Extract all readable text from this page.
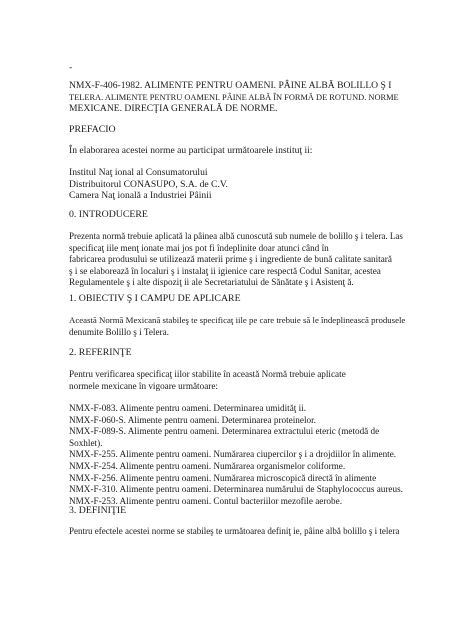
-
NMX-F-406-1982. ALIMENTE PENTRU OAMENI. PÂINE ALBĂ BOLILLO Ş I
TELERA. ALIMENTE PENTRU OAMENI. PÂINE ALBĂ ÎN FORMĂ DE ROTUND. NORME
MEXICANE. DIRECŢIA GENERALĂ DE NORME.
PREFACIO
În elaborarea acestei norme au participat următoarele instituţ ii:
Institul Naţ ional al Consumatorului
Distribuitorul CONASUPO, S.A. de C.V.
Camera Naţ ională a Industriei Pâinii
0. INTRODUCERE
Prezenta normă trebuie aplicată la pâinea albă cunoscută sub numele de bolillo ş i telera. Las
specificaţ iile menţ ionate mai jos pot fi îndeplinite doar atunci când în
fabricarea produsului se utilizează materii prime ş i ingrediente de bună calitate sanitară
ş i se elaborează în localuri ş i instalaţ ii igienice care respectă Codul Sanitar, acestea
Regulamentele ş i alte dispoziţ ii ale Secretariatului de Sănătate ş i Asistenţ ă.
1. OBIECTIV Ş I CAMPU DE APLICARE
Această Normă Mexicană stabileş te specificaţ iile pe care trebuie să le îndeplinească produsele
denumite Bolillo ş i Telera.
2. REFERINŢE
Pentru verificarea specificaţ iilor stabilite în această Normă trebuie aplicate
normele mexicane în vigoare următoare:
NMX-F-083. Alimente pentru oameni. Determinarea umidităţ ii.
NMX-F-060-S. Alimente pentru oameni. Determinarea proteinelor.
NMX-F-089-S. Alimente pentru oameni. Determinarea extractului eteric (metodă de
Soxhlet).
NMX-F-255. Alimente pentru oameni. Numărarea ciupercilor ş i a drojdiilor în alimente.
NMX-F-254. Alimente pentru oameni. Numărarea organismelor coliforme.
NMX-F-256. Alimente pentru oameni. Numărarea microscopică directă în alimente
NMX-F-310. Alimente pentru oameni. Determinarea numărului de Staphylococcus aureus.
NMX-F-253. Alimente pentru oameni. Contul bacteriilor mezofile aerobe.
3. DEFINIŢIE
Pentru efectele acestei norme se stabileş te următoarea definiţ ie, pâine albă bolillo ş i telera
